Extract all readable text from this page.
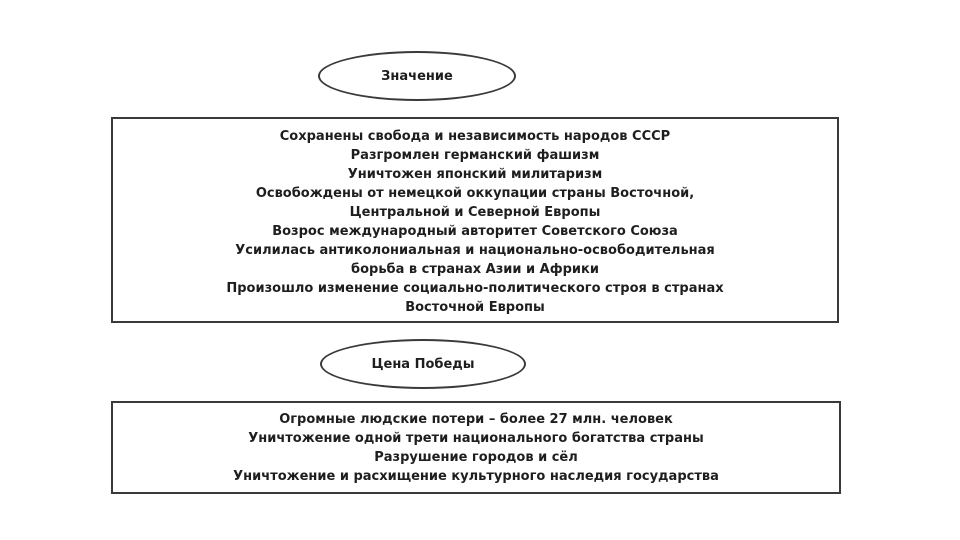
Значение
Сохранены свобода и независимость народов СССР
Разгромлен германский фашизм
Уничтожен японский милитаризм
Освобождены от немецкой оккупации страны Восточной,
Центральной и Северной Европы
Возрос международный авторитет Советского Союза
Усилилась антиколониальная и национально-освободительная
борьба в странах Азии и Африки
Произошло изменение социально-политического строя в странах
Восточной Европы
Цена Победы
Огромные людские потери – более 27 млн. человек
Уничтожение одной трети национального богатства страны
Разрушение городов и сёл
Уничтожение и расхищение культурного наследия государства
